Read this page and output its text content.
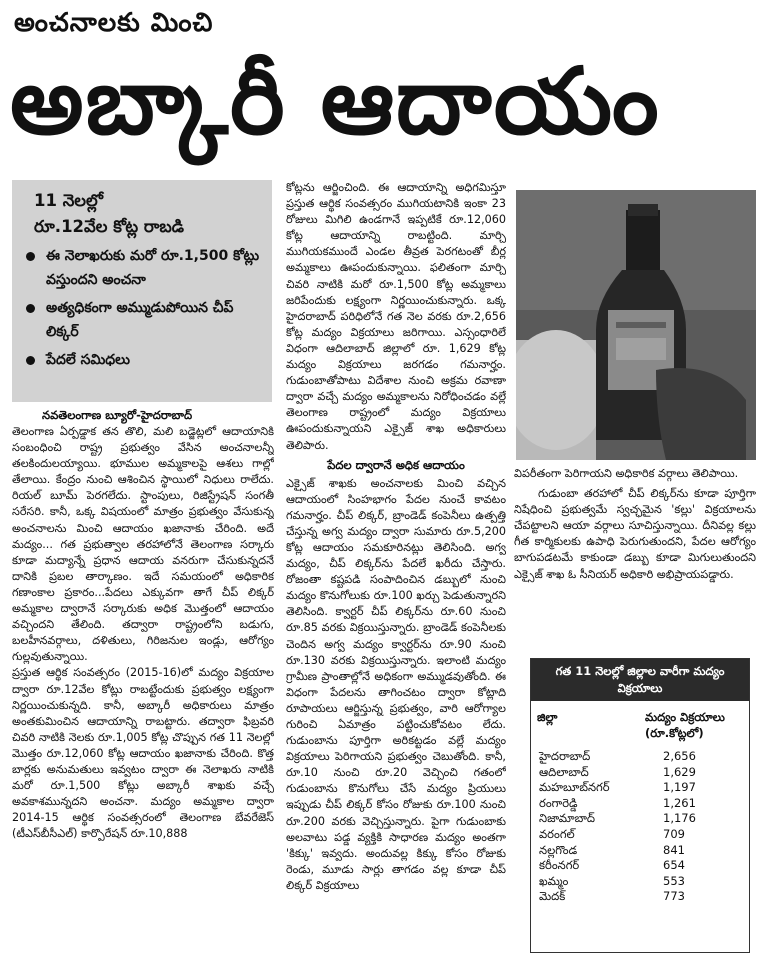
అంచనాలకు మించి
అబ్కారీ ఆదాయం
11 నెలల్లో
రూ.12వేల కోట్ల రాబడి
ఈ నెలాఖరుకు మరో రూ.1,500 కోట్లు వస్తుందని అంచనా
అత్యధికంగా అమ్ముడుపోయిన చీప్ లిక్కర్
పేదలే సమిధలు
నవతెలంగాణ బ్యూరో-హైదరాబాద్

తెలంగాణ ఏర్పడ్డాక తన తొలి, మలి బడ్జెట్లలో ఆదాయానికి సంబంధించి రాష్ట్ర ప్రభుత్వం వేసిన అంచనాలన్నీ తలకిందులయ్యాయి. భూముల అమ్మకాలపై ఆశలు గాల్లో తేలాయి. కేంద్రం నుంచి ఆశించిన స్థాయిలో నిధులు రాలేదు. రియల్ బూమ్ పెరగలేదు. స్టాంపులు, రిజిస్ట్రేషన్ సంగతీ సరేసరి. కానీ, ఒక్క విషయంలో మాత్రం ప్రభుత్వం వేసుకున్న అంచనాలను మించి ఆదాయం ఖజానాకు చేరింది. అదే మద్యం... గత ప్రభుత్వాల తరహాలోనే తెలంగాణ సర్కారు కూడా మద్యాన్నే ప్రధాన ఆదాయ వనరుగా చేసుకున్నదనే దానికి ప్రబల తార్కాణం. ఇదే సమయంలో అధికారిక గణాంకాల ప్రకారం...పేదలు ఎక్కువగా తాగే చీప్ లిక్కర్ అమ్మకాల ద్వారానే సర్కారుకు అధిక మొత్తంలో ఆదాయం వచ్చిందని తేలింది. తద్వారా రాష్ట్రంలోని బడుగు, బలహీనవర్గాలు, దళితులు, గిరిజనుల ఇండ్లు, ఆరోగ్యం గుల్లవుతున్నాయి.

ప్రస్తుత ఆర్థిక సంవత్సరం (2015-16)లో మద్యం విక్రయాల ద్వారా రూ.12వేల కోట్లు రాబట్టేందుకు ప్రభుత్వం లక్ష్యంగా నిర్ణయించుకున్నది. కానీ, అబ్కారీ అధికారులు మాత్రం అంతకుమించిన ఆదాయాన్ని రాబట్టారు. తద్వారా ఫిబ్రవరి చివరి నాటికి నెలకు రూ.1,005 కోట్ల చొప్పున గత 11 నెలల్లో మొత్తం రూ.12,060 కోట్ల ఆదాయం ఖజానాకు చేరింది. కొత్త బార్లకు అనుమతులు ఇవ్వటం ద్వారా ఈ నెలాఖరు నాటికి మరో రూ.1,500 కోట్లు అబ్కారీ శాఖకు వచ్చే అవకాశమున్నదని అంచనా. మద్యం అమ్మకాల ద్వారా 2014-15 ఆర్థిక సంవత్సరంలో తెలంగాణ బేవరేజెస్ (టీఎస్‌బీసీఎల్) కార్పొరేషన్ రూ.10,888

కోట్లను ఆర్జించింది. ఈ ఆదాయాన్ని అధిగమిస్తూ ప్రస్తుత ఆర్థిక సంవత్సరం ముగియటానికి ఇంకా 23 రోజులు మిగిలి ఉండగానే ఇప్పటికే రూ.12,060 కోట్ల ఆదాయాన్ని రాబట్టింది. మార్చి ముగియకముందే ఎండల తీవ్రత పెరగటంతో బీర్ల అమ్మకాలు ఊపందుకున్నాయి. ఫలితంగా మార్చి చివరి నాటికి మరో రూ.1,500 కోట్ల అమ్మకాలు జరిపేందుకు లక్ష్యంగా నిర్ణయించుకున్నారు. ఒక్క హైదరాబాద్ పరిధిలోనే గత నెల వరకు రూ.2,656 కోట్ల మద్యం విక్రయాలు జరిగాయి. ఎస్సంధారిలే విధంగా ఆదిలాబాద్ జిల్లాలో రూ. 1,629 కోట్ల మద్యం విక్రయాలు జరగడం గమనార్హం. గుడుంబాతోపాటు విదేశాల నుంచి అక్రమ రవాణా ద్వారా వచ్చే మద్యం అమ్మకాలను నిరోధించడం వల్లే తెలంగాణ రాష్ట్రంలో మద్యం విక్రయాలు ఊపందుకున్నాయని ఎక్సైజ్ శాఖ అధికారులు తెలిపారు.

పేదల ద్వారానే అధిక ఆదాయం

ఎక్సైజ్ శాఖకు అంచనాలకు మించి వచ్చిన ఆదాయంలో సింహభాగం పేదల నుంచే కావటం గమనార్హం. చీప్ లిక్కర్, బ్రాండెడ్ కంపెనీలు ఉత్పత్తి చేస్తున్న అగ్వ మద్యం ద్వారా సుమారు రూ.5,200 కోట్ల ఆదాయం సమకూరినట్లు తెలిసింది. అగ్వ మద్యం, చీప్ లిక్కర్‌ను పేదలే ఖరీదు చేస్తారు. రోజంతా కష్టపడి సంపాదించిన డబ్బులో నుంచి మద్యం కొనుగోలుకు రూ.100 ఖర్చు పెడుతున్నారని తెలిసింది. క్వార్టర్ చీప్ లిక్కర్‌ను రూ.60 నుంచి రూ.85 వరకు విక్రయిస్తున్నారు. బ్రాండెడ్ కంపెనీలకు చెందిన అగ్వ మద్యం క్వార్టర్‌ను రూ.90 నుంచి రూ.130 వరకు విక్రయిస్తున్నారు. ఇలాంటి మద్యం గ్రామీణ ప్రాంతాల్లోనే అధికంగా అమ్ముడవుతోంది. ఈ విధంగా పేదలను తాగించటం ద్వారా కోట్లాది రూపాయలు ఆర్జిస్తున్న ప్రభుత్వం, వారి ఆరోగ్యాల గురించి ఏమాత్రం పట్టించుకోవటం లేదు. గుడుంబాను పూర్తిగా అరికట్టడం వల్లే మద్యం విక్రయాలు పెరిగాయని ప్రభుత్వం చెబుతోంది. కానీ, రూ.10 నుంచి రూ.20 వెచ్చించి గతంలో గుడుంబాను కొనుగోలు చేసే మద్యం ప్రియులు ఇప్పుడు చీప్ లిక్కర్ కోసం రోజుకు రూ.100 నుంచి రూ.200 వరకు వెచ్చిస్తున్నారు. పైగా గుడుంబాకు అలవాటు పడ్డ వ్యక్తికి సాధారణ మద్యం అంతగా 'కిక్కు' ఇవ్వదు. అందువల్ల కిక్కు కోసం రోజుకు రెండు, మూడు సార్లు తాగడం వల్ల కూడా చీప్ లిక్కర్ విక్రయాలు

విపరీతంగా పెరిగాయని అధికారిక వర్గాలు తెలిపాయి.

గుడుంబా తరహాలో చీప్ లిక్కర్‌ను కూడా పూర్తిగా నిషేధించి ప్రభుత్వమే స్వచ్ఛమైన 'కల్లు' విక్రయాలను చేపట్టాలని ఆయా వర్గాలు సూచిస్తున్నాయి. దీనివల్ల కల్లు గీత కార్మికులకు ఉపాధి పెరుగుతుందని, పేదల ఆరోగ్యం బాగుపడటమే కాకుండా డబ్బు కూడా మిగులుతుందని ఎక్సైజ్ శాఖ ఓ సీనియర్ అధికారి అభిప్రాయపడ్డారు.

గత 11 నెలల్లో జిల్లాల వారీగా మద్యం విక్రయాలు
జిల్లా	మద్యం విక్రయాలు (రూ.కోట్లలో)
హైదరాబాద్	2,656
ఆదిలాబాద్	1,629
మహబూబ్‌నగర్	1,197
రంగారెడ్డి	1,261
నిజామాబాద్	1,176
వరంగల్	709
నల్లగొండ	841
కరీంనగర్	654
ఖమ్మం	553
మెదక్	773
